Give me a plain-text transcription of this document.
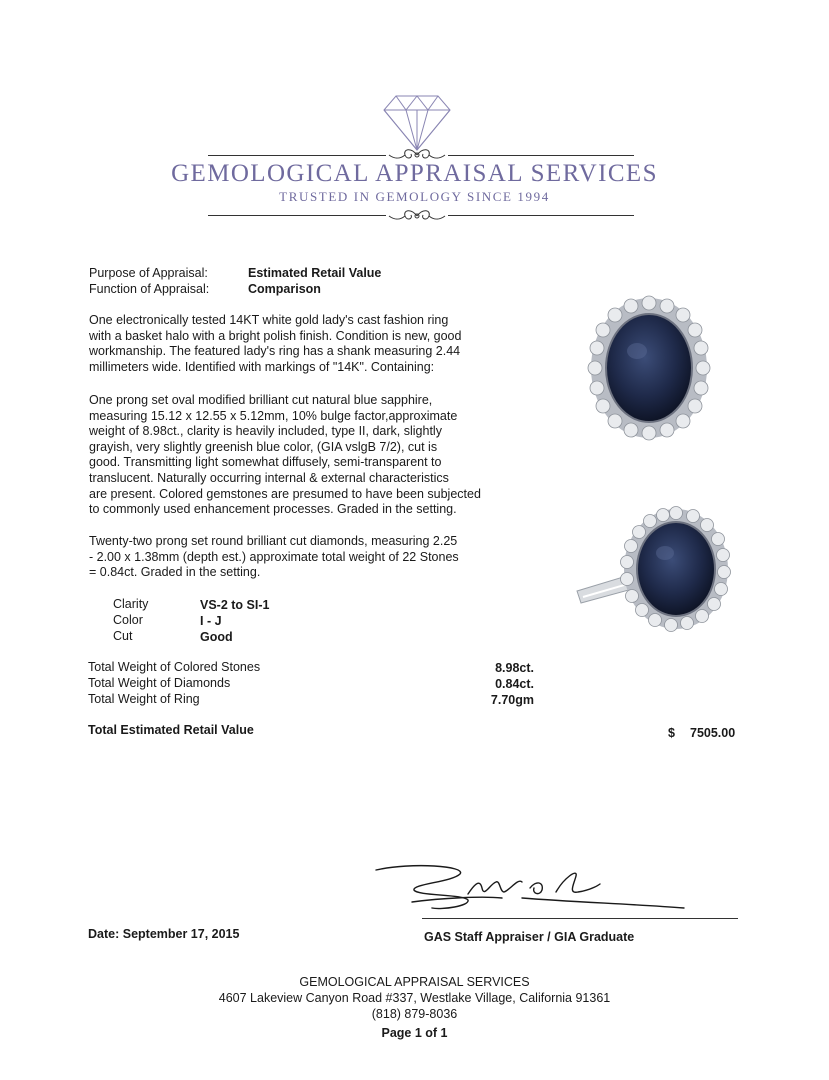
GEMOLOGICAL APPRAISAL SERVICES
TRUSTED IN GEMOLOGY SINCE 1994
Purpose of Appraisal:	Estimated Retail Value
Function of Appraisal:	Comparison

One electronically tested 14KT white gold lady's cast fashion ring
with a basket halo with a bright polish finish. Condition is new, good
workmanship. The featured lady's ring has a shank measuring 2.44
millimeters wide. Identified with markings of "14K". Containing:

One prong set oval modified brilliant cut natural blue sapphire,
measuring 15.12 x 12.55 x 5.12mm, 10% bulge factor,approximate
weight of 8.98ct., clarity is heavily included, type II, dark, slightly
grayish, very slightly greenish blue color, (GIA vslgB 7/2), cut is
good. Transmitting light somewhat diffusely, semi-transparent to
translucent. Naturally occurring internal & external characteristics
are present. Colored gemstones are presumed to have been subjected
to commonly used enhancement processes. Graded in the setting.

Twenty-two prong set round brilliant cut diamonds, measuring 2.25
- 2.00 x 1.38mm (depth est.) approximate total weight of 22 Stones
= 0.84ct. Graded in the setting.

Clarity	VS-2 to SI-1
Color	I - J
Cut	Good
Total Weight of Colored Stones	8.98ct.
Total Weight of Diamonds	0.84ct.
Total Weight of Ring	7.70gm
Total Estimated Retail Value	$ 7505.00
Date: September 17, 2015	GAS Staff Appraiser / GIA Graduate
GEMOLOGICAL APPRAISAL SERVICES
4607 Lakeview Canyon Road #337, Westlake Village, California 91361
(818) 879-8036
Page 1 of 1
